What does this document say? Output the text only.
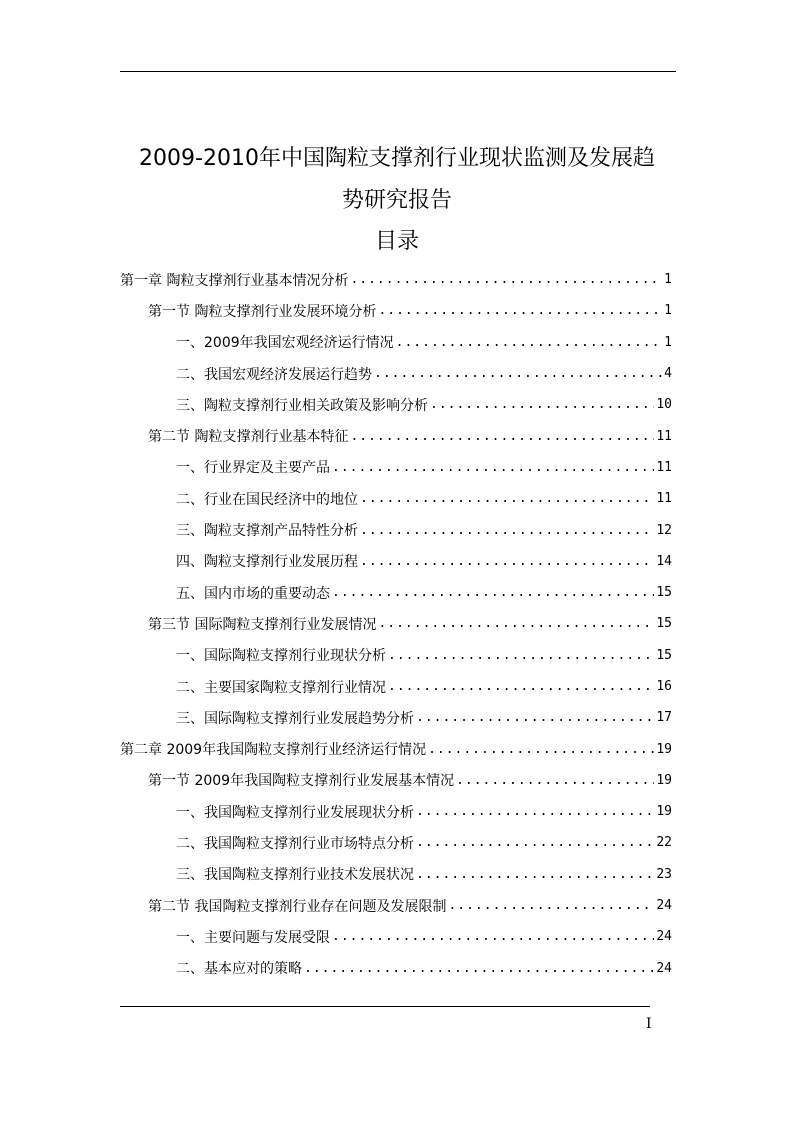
2009-2010年中国陶粒支撑剂行业现状监测及发展趋
势研究报告
目录
第一章 陶粒支撑剂行业基本情况分析 .....	1
第一节 陶粒支撑剂行业发展环境分析 .....	1
一、2009年我国宏观经济运行情况 .....	1
二、我国宏观经济发展运行趋势 .....	4
三、陶粒支撑剂行业相关政策及影响分析 .....	10
第二节 陶粒支撑剂行业基本特征 .....	11
一、行业界定及主要产品 .....	11
二、行业在国民经济中的地位 .....	11
三、陶粒支撑剂产品特性分析 .....	12
四、陶粒支撑剂行业发展历程 .....	14
五、国内市场的重要动态 .....	15
第三节 国际陶粒支撑剂行业发展情况 .....	15
一、国际陶粒支撑剂行业现状分析 .....	15
二、主要国家陶粒支撑剂行业情况 .....	16
三、国际陶粒支撑剂行业发展趋势分析 .....	17
第二章 2009年我国陶粒支撑剂行业经济运行情况 .....	19
第一节 2009年我国陶粒支撑剂行业发展基本情况 .....	19
一、我国陶粒支撑剂行业发展现状分析 .....	19
二、我国陶粒支撑剂行业市场特点分析 .....	22
三、我国陶粒支撑剂行业技术发展状况 .....	23
第二节 我国陶粒支撑剂行业存在问题及发展限制 .....	24
一、主要问题与发展受限 .....	24
二、基本应对的策略 .....	24
I
